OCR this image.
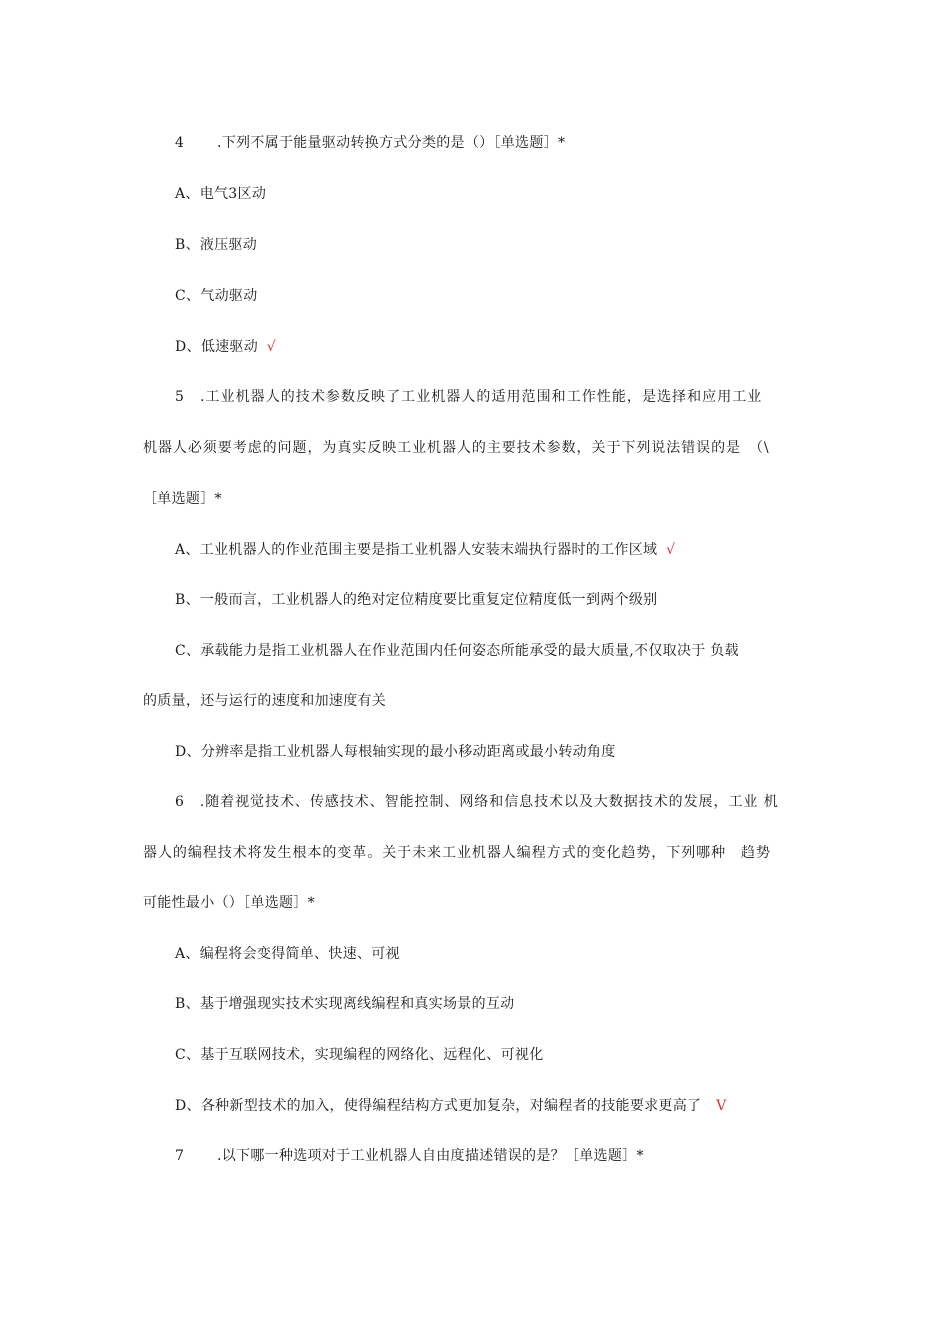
4 .下列不属于能量驱动转换方式分类的是（）［单选题］*
A、电气3区动
B、液压驱动
C、气动驱动
D、低速驱动 √
5　.工业机器人的技术参数反映了工业机器人的适用范围和工作性能，是选择和应用工业
机器人必须要考虑的问题，为真实反映工业机器人的主要技术参数，关于下列说法错误的是　（\
［单选题］*
A、工业机器人的作业范围主要是指工业机器人安装末端执行器时的工作区域 √
B、一般而言，工业机器人的绝对定位精度要比重复定位精度低一到两个级别
C、承载能力是指工业机器人在作业范围内任何姿态所能承受的最大质量,不仅取决于 负载
的质量，还与运行的速度和加速度有关
D、分辨率是指工业机器人每根轴实现的最小移动距离或最小转动角度
6　.随着视觉技术、传感技术、智能控制、网络和信息技术以及大数据技术的发展，工业 机
器人的编程技术将发生根本的变革。关于未来工业机器人编程方式的变化趋势，下列哪种　趋势
可能性最小（）［单选题］*
A、编程将会变得简单、快速、可视
B、基于增强现实技术实现离线编程和真实场景的互动
C、基于互联网技术，实现编程的网络化、远程化、可视化
D、各种新型技术的加入，使得编程结构方式更加复杂，对编程者的技能要求更高了 V
7 .以下哪一种选项对于工业机器人自由度描述错误的是？［单选题］*
